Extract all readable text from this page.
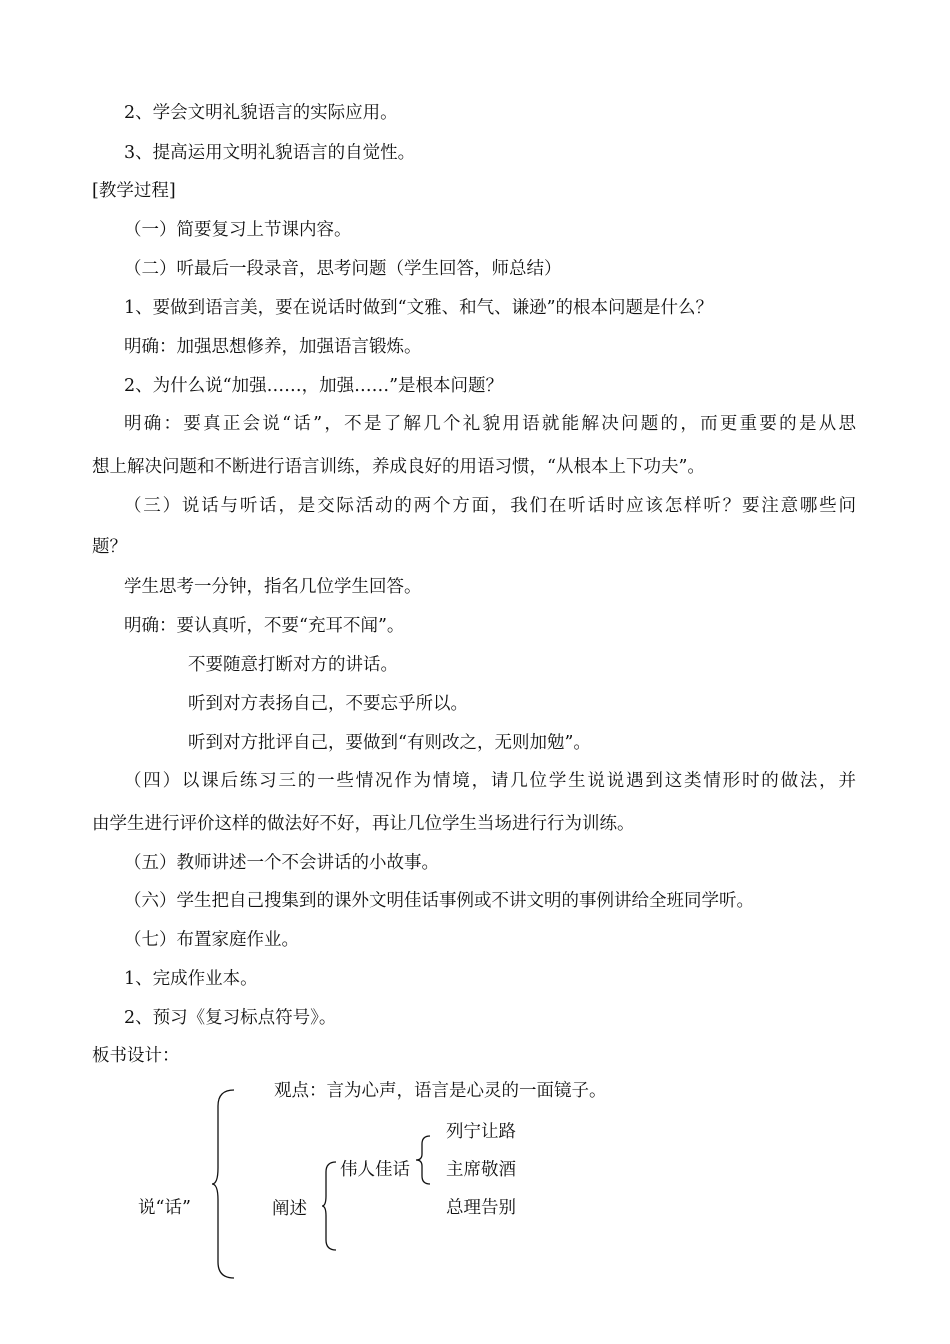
2、学会文明礼貌语言的实际应用。
3、提高运用文明礼貌语言的自觉性。
[教学过程]
（一）简要复习上节课内容。
（二）听最后一段录音，思考问题（学生回答，师总结）
1、要做到语言美，要在说话时做到“文雅、和气、谦逊”的根本问题是什么？
明确：加强思想修养，加强语言锻炼。
2、为什么说“加强……，加强……”是根本问题？
明确：要真正会说“话”，不是了解几个礼貌用语就能解决问题的，而更重要的是从思
想上解决问题和不断进行语言训练，养成良好的用语习惯，“从根本上下功夫”。
（三）说话与听话，是交际活动的两个方面，我们在听话时应该怎样听？要注意哪些问
题？
学生思考一分钟，指名几位学生回答。
明确：要认真听，不要“充耳不闻”。
不要随意打断对方的讲话。
听到对方表扬自己，不要忘乎所以。
听到对方批评自己，要做到“有则改之，无则加勉”。
（四）以课后练习三的一些情况作为情境，请几位学生说说遇到这类情形时的做法，并
由学生进行评价这样的做法好不好，再让几位学生当场进行行为训练。
（五）教师讲述一个不会讲话的小故事。
（六）学生把自己搜集到的课外文明佳话事例或不讲文明的事例讲给全班同学听。
（七）布置家庭作业。
1、完成作业本。
2、预习《复习标点符号》。
板书设计：
说“话”
观点：言为心声，语言是心灵的一面镜子。
阐述
伟人佳话
列宁让路
主席敬酒
总理告别
